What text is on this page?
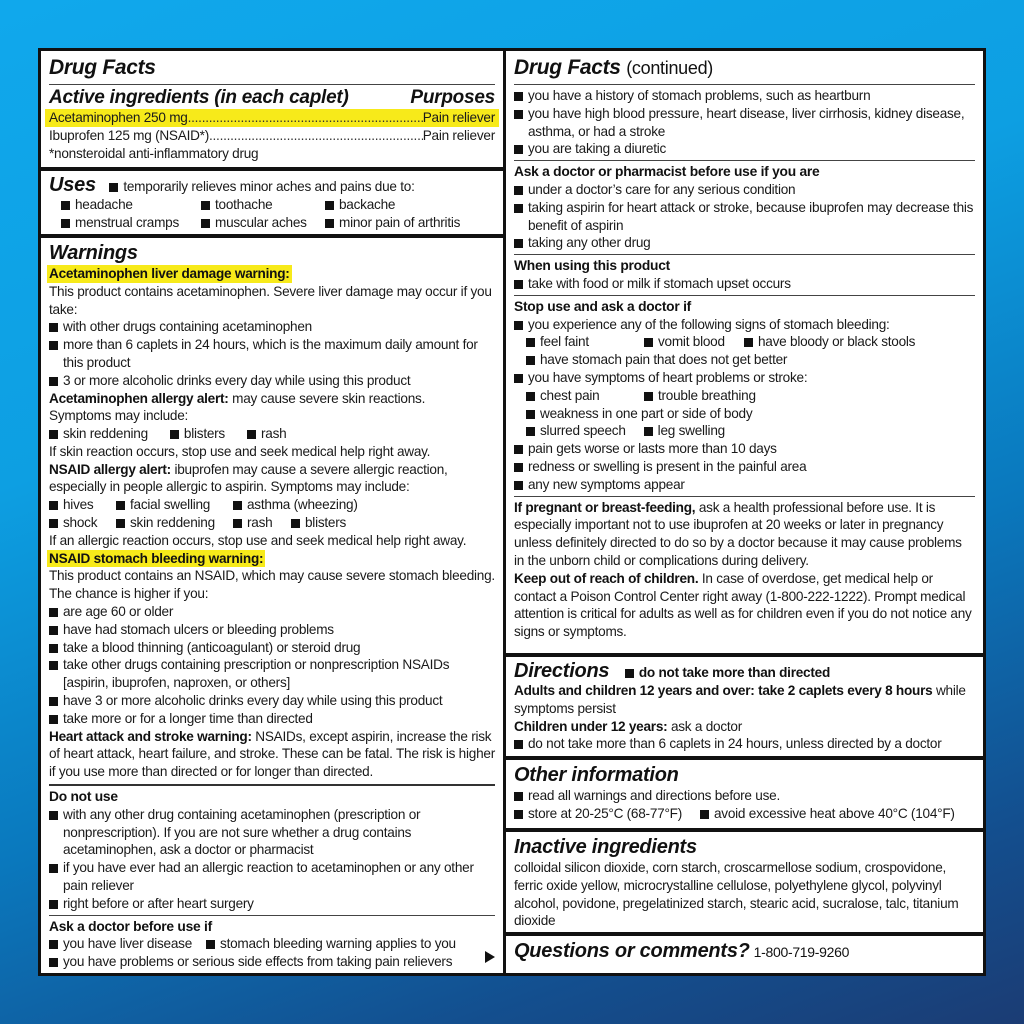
Drug Facts
Active ingredients (in each caplet)	Purposes
Acetaminophen 250 mg .....	Pain reliever
Ibuprofen 125 mg (NSAID*) .....	Pain reliever
*nonsteroidal anti-inflammatory drug
Uses temporarily relieves minor aches and pains due to:
headache	toothache	backache
menstrual cramps	muscular aches	minor pain of arthritis
Warnings
Acetaminophen liver damage warning:
This product contains acetaminophen. Severe liver damage may occur if you take:
with other drugs containing acetaminophen
more than 6 caplets in 24 hours, which is the maximum daily amount for this product
3 or more alcoholic drinks every day while using this product
Acetaminophen allergy alert: may cause severe skin reactions.
Symptoms may include:
skin reddening	blisters	rash
If skin reaction occurs, stop use and seek medical help right away.
NSAID allergy alert: ibuprofen may cause a severe allergic reaction, especially in people allergic to aspirin. Symptoms may include:
hives	facial swelling	asthma (wheezing)
shock	skin reddening	rash	blisters
If an allergic reaction occurs, stop use and seek medical help right away.
NSAID stomach bleeding warning:
This product contains an NSAID, which may cause severe stomach bleeding. The chance is higher if you:
are age 60 or older
have had stomach ulcers or bleeding problems
take a blood thinning (anticoagulant) or steroid drug
take other drugs containing prescription or nonprescription NSAIDs [aspirin, ibuprofen, naproxen, or others]
have 3 or more alcoholic drinks every day while using this product
take more or for a longer time than directed
Heart attack and stroke warning: NSAIDs, except aspirin, increase the risk of heart attack, heart failure, and stroke. These can be fatal. The risk is higher if you use more than directed or for longer than directed.
Do not use
with any other drug containing acetaminophen (prescription or nonprescription). If you are not sure whether a drug contains acetaminophen, ask a doctor or pharmacist
if you have ever had an allergic reaction to acetaminophen or any other pain reliever
right before or after heart surgery
Ask a doctor before use if
you have liver disease	stomach bleeding warning applies to you
you have problems or serious side effects from taking pain relievers
Drug Facts (continued)
you have a history of stomach problems, such as heartburn
you have high blood pressure, heart disease, liver cirrhosis, kidney disease, asthma, or had a stroke
you are taking a diuretic
Ask a doctor or pharmacist before use if you are
under a doctor’s care for any serious condition
taking aspirin for heart attack or stroke, because ibuprofen may decrease this benefit of aspirin
taking any other drug
When using this product
take with food or milk if stomach upset occurs
Stop use and ask a doctor if
you experience any of the following signs of stomach bleeding:
feel faint	vomit blood	have bloody or black stools
have stomach pain that does not get better
you have symptoms of heart problems or stroke:
chest pain	trouble breathing
weakness in one part or side of body
slurred speech	leg swelling
pain gets worse or lasts more than 10 days
redness or swelling is present in the painful area
any new symptoms appear
If pregnant or breast-feeding, ask a health professional before use. It is especially important not to use ibuprofen at 20 weeks or later in pregnancy unless definitely directed to do so by a doctor because it may cause problems in the unborn child or complications during delivery.
Keep out of reach of children. In case of overdose, get medical help or contact a Poison Control Center right away (1-800-222-1222). Prompt medical attention is critical for adults as well as for children even if you do not notice any signs or symptoms.
Directions do not take more than directed
Adults and children 12 years and over: take 2 caplets every 8 hours while symptoms persist
Children under 12 years: ask a doctor
do not take more than 6 caplets in 24 hours, unless directed by a doctor
Other information
read all warnings and directions before use.
store at 20-25°C (68-77°F)	avoid excessive heat above 40°C (104°F)
Inactive ingredients
colloidal silicon dioxide, corn starch, croscarmellose sodium, crospovidone, ferric oxide yellow, microcrystalline cellulose, polyethylene glycol, polyvinyl alcohol, povidone, pregelatinized starch, stearic acid, sucralose, talc, titanium dioxide
Questions or comments? 1-800-719-9260
